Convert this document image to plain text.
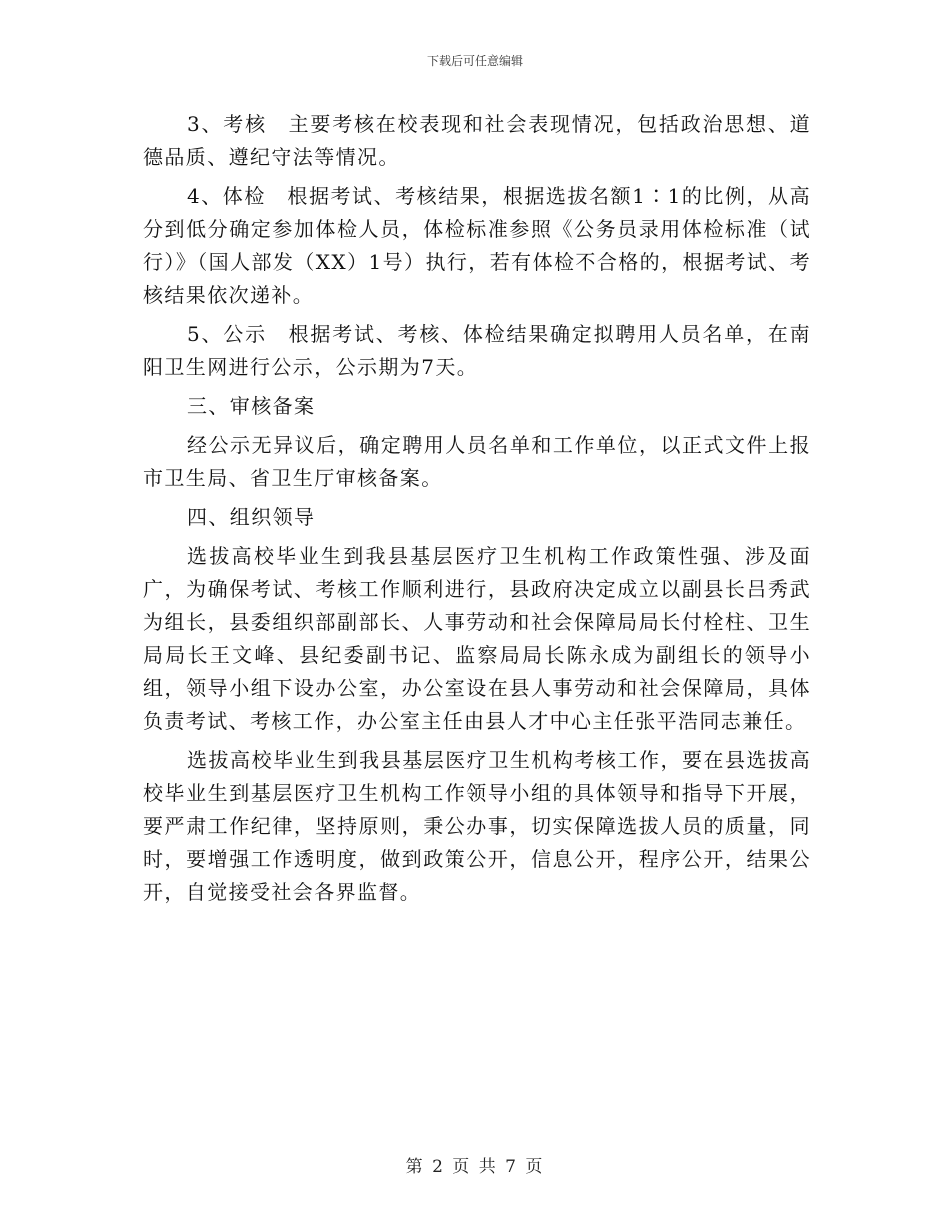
下载后可任意编辑

3、考核　主要考核在校表现和社会表现情况，包括政治思想、道德品质、遵纪守法等情况。

4、体检　根据考试、考核结果，根据选拔名额1∶1的比例，从高分到低分确定参加体检人员，体检标准参照《公务员录用体检标准（试行）》（国人部发（XX）1号）执行，若有体检不合格的，根据考试、考核结果依次递补。

5、公示　根据考试、考核、体检结果确定拟聘用人员名单，在南阳卫生网进行公示，公示期为7天。

三、审核备案

经公示无异议后，确定聘用人员名单和工作单位，以正式文件上报市卫生局、省卫生厅审核备案。

四、组织领导

选拔高校毕业生到我县基层医疗卫生机构工作政策性强、涉及面广，为确保考试、考核工作顺利进行，县政府决定成立以副县长吕秀武为组长，县委组织部副部长、人事劳动和社会保障局局长付栓柱、卫生局局长王文峰、县纪委副书记、监察局局长陈永成为副组长的领导小组，领导小组下设办公室，办公室设在县人事劳动和社会保障局，具体负责考试、考核工作，办公室主任由县人才中心主任张平浩同志兼任。

选拔高校毕业生到我县基层医疗卫生机构考核工作，要在县选拔高校毕业生到基层医疗卫生机构工作领导小组的具体领导和指导下开展，要严肃工作纪律，坚持原则，秉公办事，切实保障选拔人员的质量，同时，要增强工作透明度，做到政策公开，信息公开，程序公开，结果公开，自觉接受社会各界监督。

第 2 页 共 7 页
